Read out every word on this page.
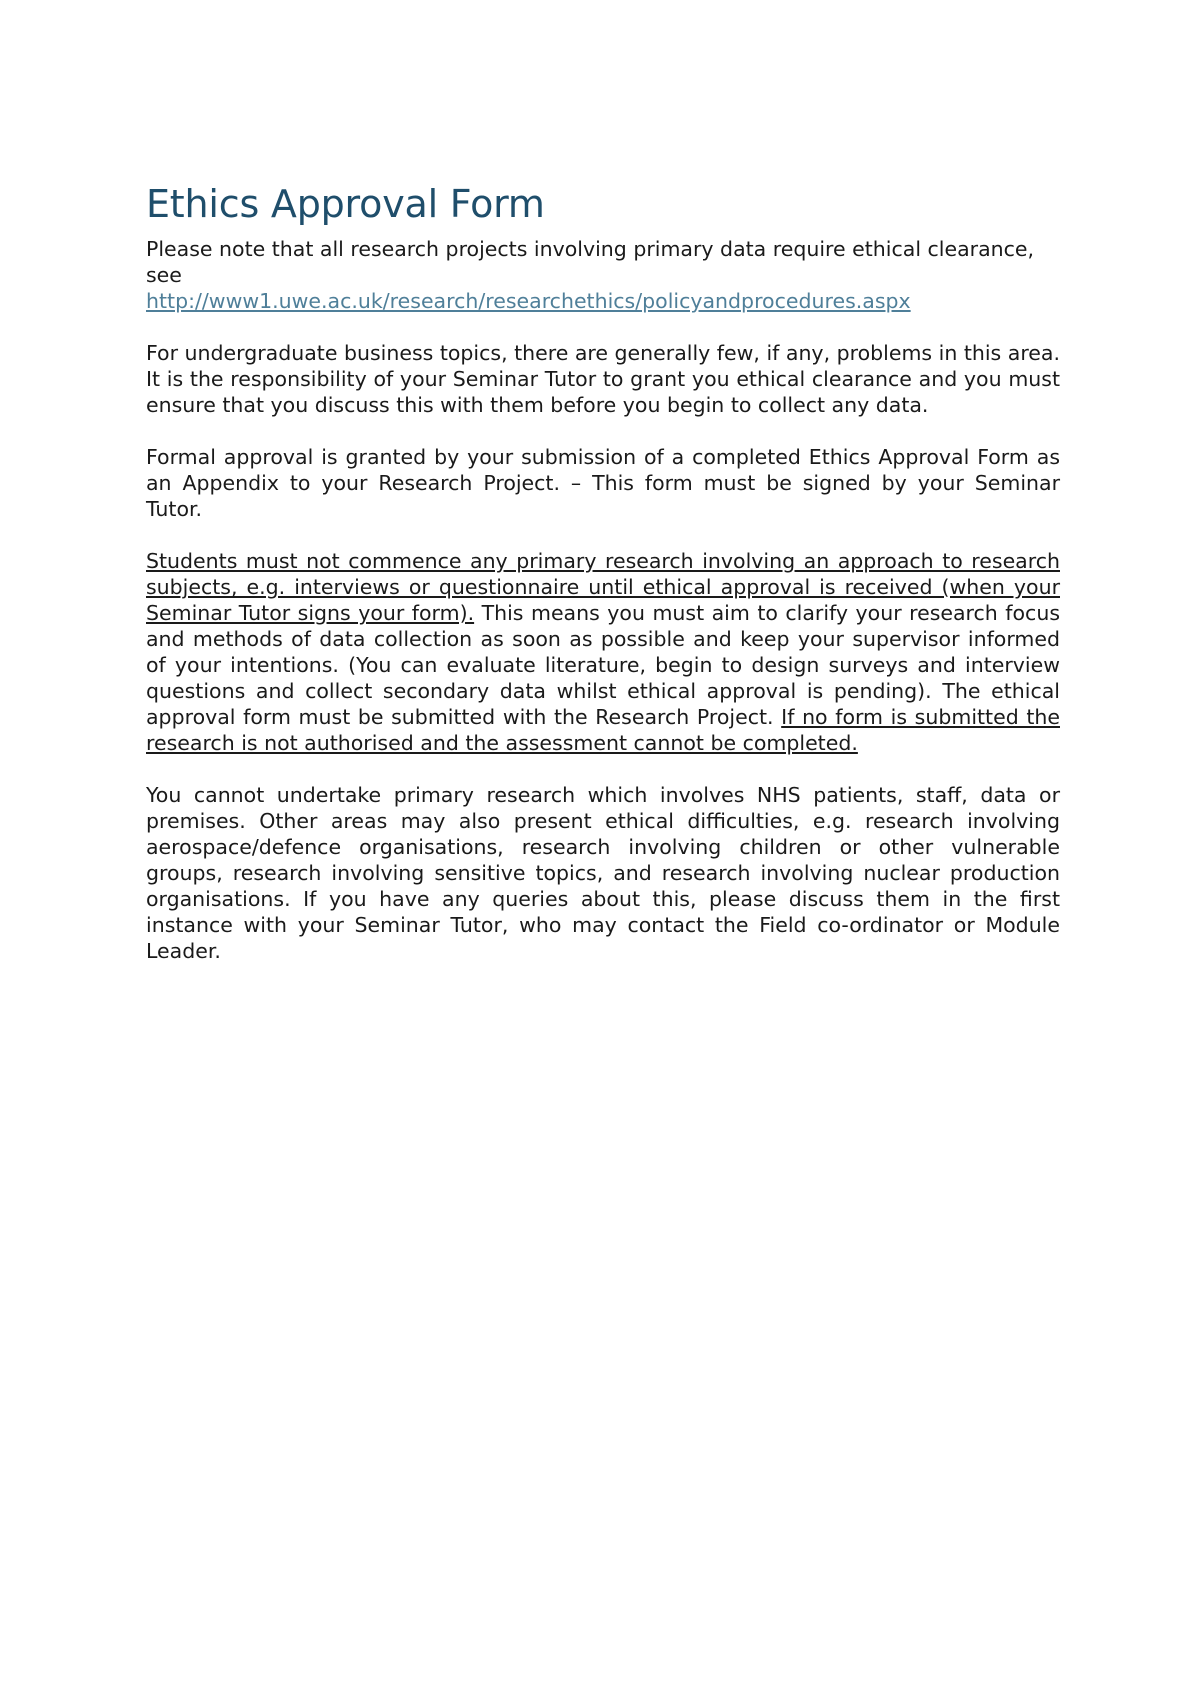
Ethics Approval Form

Please note that all research projects involving primary data require ethical clearance, see
http://www1.uwe.ac.uk/research/researchethics/policyandprocedures.aspx

For undergraduate business topics, there are generally few, if any, problems in this area. It is the responsibility of your Seminar Tutor to grant you ethical clearance and you must ensure that you discuss this with them before you begin to collect any data.

Formal approval is granted by your submission of a completed Ethics Approval Form as an Appendix to your Research Project. – This form must be signed by your Seminar Tutor.

Students must not commence any primary research involving an approach to research subjects, e.g. interviews or questionnaire until ethical approval is received (when your Seminar Tutor signs your form). This means you must aim to clarify your research focus and methods of data collection as soon as possible and keep your supervisor informed of your intentions. (You can evaluate literature, begin to design surveys and interview questions and collect secondary data whilst ethical approval is pending). The ethical approval form must be submitted with the Research Project. If no form is submitted the research is not authorised and the assessment cannot be completed.

You cannot undertake primary research which involves NHS patients, staff, data or premises. Other areas may also present ethical difficulties, e.g. research involving aerospace/defence organisations, research involving children or other vulnerable groups, research involving sensitive topics, and research involving nuclear production organisations. If you have any queries about this, please discuss them in the first instance with your Seminar Tutor, who may contact the Field co-ordinator or Module Leader.
